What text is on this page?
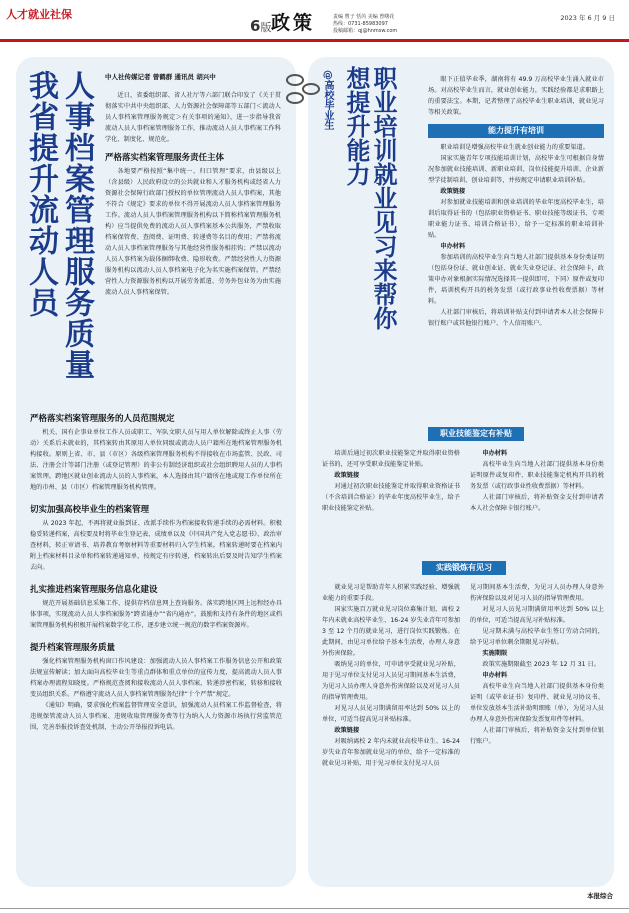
人才就业社保
6版 政策	责编 曹子 恬芮 美编 曾曙花
热线：0731-85983097
投稿邮箱：qj@hnmsw.com
2023 年 6 月 9 日
人事档案管理服务质量
我省提升流动人员	中人社传媒记者 曾鹤群 通讯员 胡兴中

近日，省委组织部、省人社厅等六部门联合印发了《关于贯彻落实中共中央组织部、人力资源社会保障部等五部门＜流动人员人事档案管理服务规定＞有关事项的通知》，进一步指导我省流动人员人事档案管理服务工作，推动流动人员人事档案工作科学化、制度化、规范化。

严格落实档案管理服务责任主体

各地要严格按照“集中统一、归口管理”要求，由县级以上（含县级）人民政府设立的公共就业和人才服务机构或经省人力资源社会保障行政部门授权的单位管理流动人员人事档案，其他不符合《规定》要求的单位不得开展流动人员人事档案管理服务工作。流动人员人事档案管理服务机构以下简称档案管理服务机构）应当提供免费的流动人员人事档案基本公共服务，严禁收取档案保管费、查阅费、证明费、转递费等名目的费用；严禁将流动人员人事档案管理服务与其他经营性服务相挂钩；严禁以流动人员人事档案为载体捆绑收费、隐形收费。严禁经营性人力资源服务机构以流动人员人事档案电子化为名实施档案保管。严禁经营性人力资源服务机构以开展劳务派遣、劳务外包业务为由实施流动人员人事档案保管。

严格落实档案管理服务的人员范围规定

机关、国有企事业单位工作人员或职工、军队文职人员与用人单位解除或终止人事（劳动）关系后未就业的，其档案转由其原用人单位同级或流动人员户籍所在地档案管理服务机构接收。原则上省、市、县（市区）各级档案管理服务机构不得接收在市场监管、民政、司法、注册会计等部门注册（或登记管理）的非公有制经济组织或社会组织聘用人员的人事档案管理。跨地区就业创业流动人员的人事档案，本人选择由其户籍所在地或现工作单位所在地的市州、县（市区）档案管理服务机构管理。

切实加强高校毕业生的档案管理

从 2023 年起，不再将就业报到证、改派手续作为档案接收转递手续的必需材料。积极稳妥转递档案，高校要及时将毕业生登记表、成绩单以及《中国共产党入党志愿书》、政治审查材料，转正审请书、培养教育考察材料等重要材料归入学生档案。档案转递时要在档案内附上档案材料目录单和档案转递通知单，按规定有序转递，档案转出后要及时告知学生档案去向。

扎实推进档案管理服务信息化建设

规范开展基础信息采集工作，提供存档信息网上查询服务。落实跨地区网上远程经办具体事项，实现流动人员人事档案服务“跨省通办”“省内通办”。鼓励和支持有条件的地区或档案管理服务机构积极开展档案数字化工作，逐步建立统一规范的数字档案资源库。

提升档案管理服务质量

强化档案管理服务机构窗口作风建设：加强流动人员人事档案工作服务信息公开和政策法规宣传解读；加大面向高校毕业生等重点群体和重点单位的宣传力度，提高流动人员人事档案办理流程知晓度。严格规范查阅和接收流动人员人事档案，转递涉密档案，转移和接收变员组织关系。严格遵守流动人员人事档案管理服务纪律“十个严禁”规定。

《通知》明确，要求强化档案监督管理安全意识，加强流动人员档案工作监督检查，将违规保管流动人员人事档案、违规收取管理服务费等行为纳入人力资源市场执行营监管范围，完善举报投诉查处机制，主动公开举报投诉电话。

职业培训就业见习来帮你
想提升能力
@高校毕业生	眼下正值毕业季，湖南将有 49.9 万高校毕业生涌入就业市场。对高校毕业生而言，就业创业能力，实践经验都是求职路上的重要法宝。本期，记者整理了高校毕业生职业培训，就业见习等相关政策。

能力提升有培训

职业培训是增强高校毕业生就业创业能力的重要渠道。

国家实施青年专项技能培训计划，高校毕业生可根据自身情况参加就业技能培训、新职业培训、岗位技能提升培训、企业新型学徒制培训、创业培训等，并按规定申请职业培训补贴。

政策链接

对参加就业技能培训和创业培训的毕业年度高校毕业生，培训后取得证书的（包括职业资格证书、职业技能等级证书、专项职业能力证书、培训合格证书），给予一定标准的职业培训补贴。

申办材料

参加培训的高校毕业生向当地人社部门提供基本身份类证明（包括身份证、就业创业证、就业失业登记证、社会保障卡，政策申办对象根据实际情况选择其一提供即可，下同）原件或复印件，培训机构开具的税务发票（或行政事业性收费票据）等材料。

人社部门审核后，将培训补贴支付到申请者本人社会保障卡银行账户或其他银行账户、个人信用账户。

职业技能鉴定有补贴

培训后通过初次职业技能鉴定并取得职业资格证书的，还可享受职业技能鉴定补贴。

政策链接

对通过初次职业技能鉴定并取得职业资格证书（不含培训合格证）的毕业年度高校毕业生，给予职业技能鉴定补贴。

申办材料

高校毕业生向当地人社部门提供基本身份类证明原件或复印件、职业技能鉴定机构开具的税务发票（或行政事业性收费票据）等材料。

人社部门审核后，将补贴资金支付到申请者本人社会保障卡银行账户。

实践锻炼有见习

就业见习是帮助青年人积累实践经验、增强就业能力的重要手段。

国家实施百万就业见习岗位募集计划，离校 2 年内未就业高校毕业生、16-24 岁失业青年可参加 3 至 12 个月的就业见习，进行岗位实践锻炼。在此期间，由见习单位给予基本生活费，办理人身意外伤害保险。

吸纳见习的单位，可申请享受就业见习补贴，用于见习单位支付见习人员见习期间基本生活费，为见习人员办理人身意外伤害保险以及对见习人员的指导管理费用。

对见习人员见习期满留用率达到 50% 以上的单位，可适当提高见习补贴标准。

政策链接

对吸纳离校 2 年内未就业高校毕业生、16-24 岁失业青年参加就业见习的单位，给予一定标准的就业见习补贴，用于见习单位支付见习人员

见习期间基本生活费，为见习人员办理人身意外伤害保险以及对见习人员的指导管理费用。

对见习人员见习期满留用率达到 50% 以上的单位，可适当提高见习补贴标准。

见习期未满与高校毕业生签订劳动合同的，给予见习单位剩余期限见习补贴。

实施期限

政策实施期限截至 2023 年 12 月 31 日。

申办材料

高校毕业生向当地人社部门提供基本身份类证明（或毕业证书）复印件、就业见习协议书、单位发放基本生活补助明细账（单），为见习人员办理人身意外伤害保险发票复印件等材料。

人社部门审核后，将补贴资金支付到单位银行账户。

本报综合
